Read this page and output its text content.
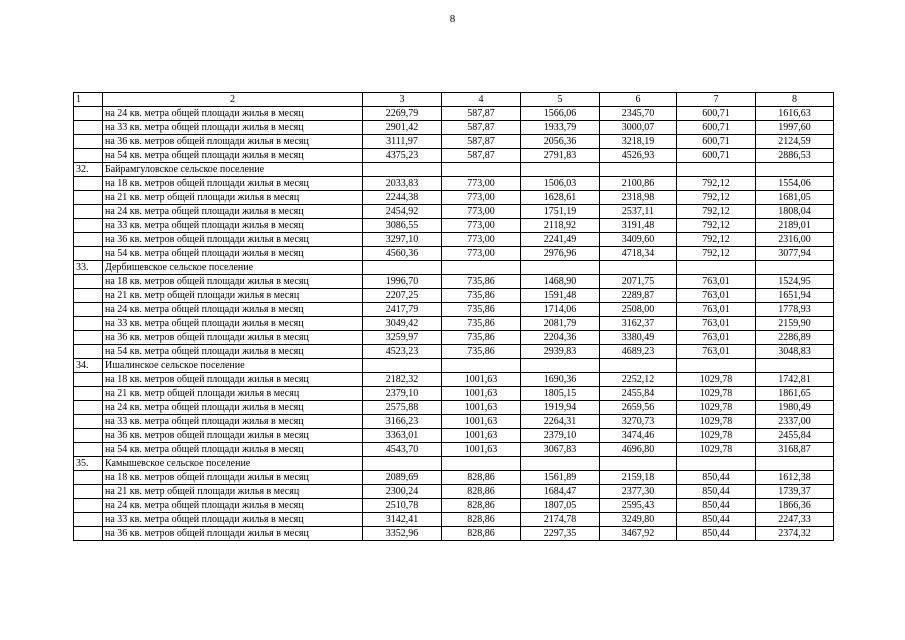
8
1	2	3	4	5	6	7	8
	на 24 кв. метра общей площади жилья в месяц	2269,79	587,87	1566,06	2345,70	600,71	1616,63
	на 33 кв. метра общей площади жилья в месяц	2901,42	587,87	1933,79	3000,07	600,71	1997,60
	на 36 кв. метров общей площади жилья в месяц	3111,97	587,87	2056,36	3218,19	600,71	2124,59
	на 54 кв. метра общей площади жилья в месяц	4375,23	587,87	2791,83	4526,93	600,71	2886,53
32.	Байрамгуловское сельское поселение						
	на 18 кв. метров общей площади жилья в месяц	2033,83	773,00	1506,03	2100,86	792,12	1554,06
	на 21 кв. метр общей площади жилья в месяц	2244,38	773,00	1628,61	2318,98	792,12	1681,05
	на 24 кв. метра общей площади жилья в месяц	2454,92	773,00	1751,19	2537,11	792,12	1808,04
	на 33 кв. метра общей площади жилья в месяц	3086,55	773,00	2118,92	3191,48	792,12	2189,01
	на 36 кв. метров общей площади жилья в месяц	3297,10	773,00	2241,49	3409,60	792,12	2316,00
	на 54 кв. метра общей площади жилья в месяц	4560,36	773,00	2976,96	4718,34	792,12	3077,94
33.	Дербишевское сельское поселение						
	на 18 кв. метров общей площади жилья в месяц	1996,70	735,86	1468,90	2071,75	763,01	1524,95
	на 21 кв. метр общей площади жилья в месяц	2207,25	735,86	1591,48	2289,87	763,01	1651,94
	на 24 кв. метра общей площади жилья в месяц	2417,79	735,86	1714,06	2508,00	763,01	1778,93
	на 33 кв. метра общей площади жилья в месяц	3049,42	735,86	2081,79	3162,37	763,01	2159,90
	на 36 кв. метров общей площади жилья в месяц	3259,97	735,86	2204,36	3380,49	763,01	2286,89
	на 54 кв. метра общей площади жилья в месяц	4523,23	735,86	2939,83	4689,23	763,01	3048,83
34.	Ишалинское сельское поселение						
	на 18 кв. метров общей площади жилья в месяц	2182,32	1001,63	1690,36	2252,12	1029,78	1742,81
	на 21 кв. метр общей площади жилья в месяц	2379,10	1001,63	1805,15	2455,84	1029,78	1861,65
	на 24 кв. метра общей площади жилья в месяц	2575,88	1001,63	1919,94	2659,56	1029,78	1980,49
	на 33 кв. метра общей площади жилья в месяц	3166,23	1001,63	2264,31	3270,73	1029,78	2337,00
	на 36 кв. метров общей площади жилья в месяц	3363,01	1001,63	2379,10	3474,46	1029,78	2455,84
	на 54 кв. метра общей площади жилья в месяц	4543,70	1001,63	3067,83	4696,80	1029,78	3168,87
35.	Камышевское сельское поселение						
	на 18 кв. метров общей площади жилья в месяц	2089,69	828,86	1561,89	2159,18	850,44	1612,38
	на 21 кв. метр общей площади жилья в месяц	2300,24	828,86	1684,47	2377,30	850,44	1739,37
	на 24 кв. метра общей площади жилья в месяц	2510,78	828,86	1807,05	2595,43	850,44	1866,36
	на 33 кв. метра общей площади жилья в месяц	3142,41	828,86	2174,78	3249,80	850,44	2247,33
	на 36 кв. метров общей площади жилья в месяц	3352,96	828,86	2297,35	3467,92	850,44	2374,32
